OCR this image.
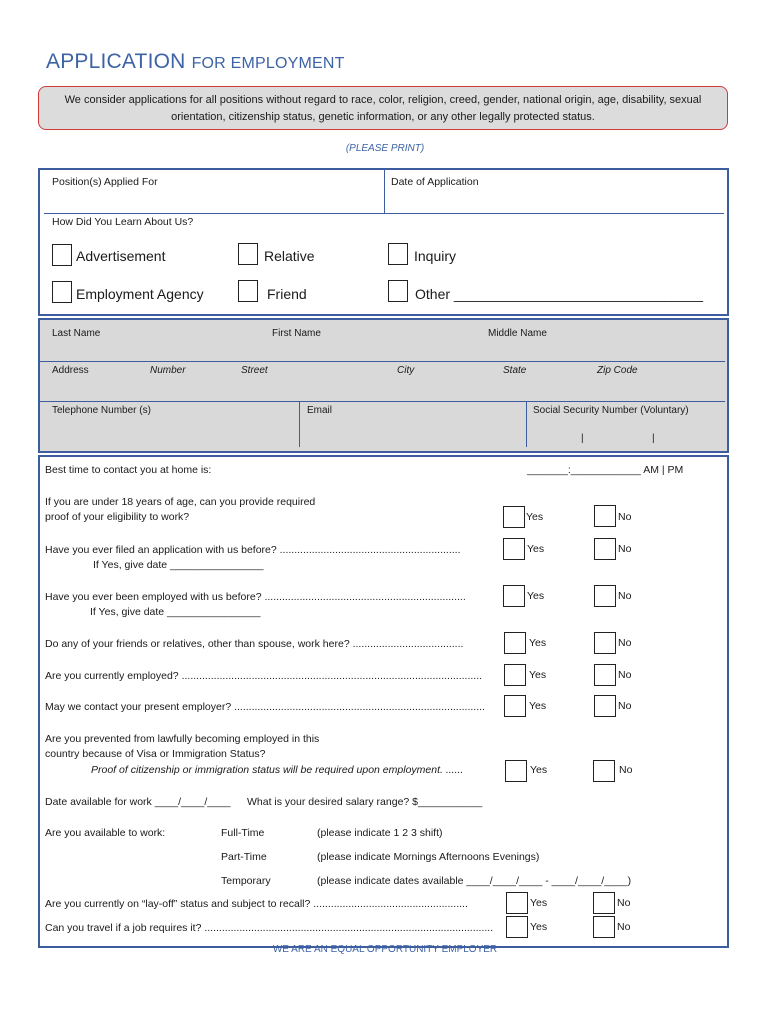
APPLICATION FOR EMPLOYMENT
We consider applications for all positions without regard to race, color, religion, creed, gender, national origin, age, disability, sexual
orientation, citizenship status, genetic information, or any other legally protected status.
(PLEASE PRINT)
Position(s) Applied For	Date of Application
How Did You Learn About Us?
Advertisement	Relative	Inquiry
Employment Agency	Friend	Other ________________________________
Last Name	First Name	Middle Name
Address	Number	Street	City	State	Zip Code
Telephone Number (s)	Email	Social Security Number (Voluntary)
|	|
Best time to contact you at home is:	_______:____________ AM | PM
If you are under 18 years of age, can you provide required
proof of your eligibility to work?	Yes	No
Have you ever filed an application with us before? ..............................................................
If Yes, give date ________________
Yes	No
Have you ever been employed with us before? .....................................................................
If Yes, give date ________________
Yes	No
Do any of your friends or relatives, other than spouse, work here? ......................................	Yes	No
Are you currently employed? .......................................................................................................	Yes	No
May we contact your present employer? ......................................................................................	Yes	No
Are you prevented from lawfully becoming employed in this
country because of Visa or Immigration Status?
Proof of citizenship or immigration status will be required upon employment. ......	Yes	No
Date available for work ____/____/____ What is your desired salary range? $___________
Are you available to work:	Full-Time	(please indicate 1 2 3 shift)
Part-Time	(please indicate Mornings Afternoons Evenings)
Temporary	(please indicate dates available ____/____/____ - ____/____/____)
Are you currently on “lay-off” status and subject to recall? .....................................................	Yes	No
Can you travel if a job requires it? ...................................................................................................	Yes	No
WE ARE AN EQUAL OPPORTUNITY EMPLOYER
